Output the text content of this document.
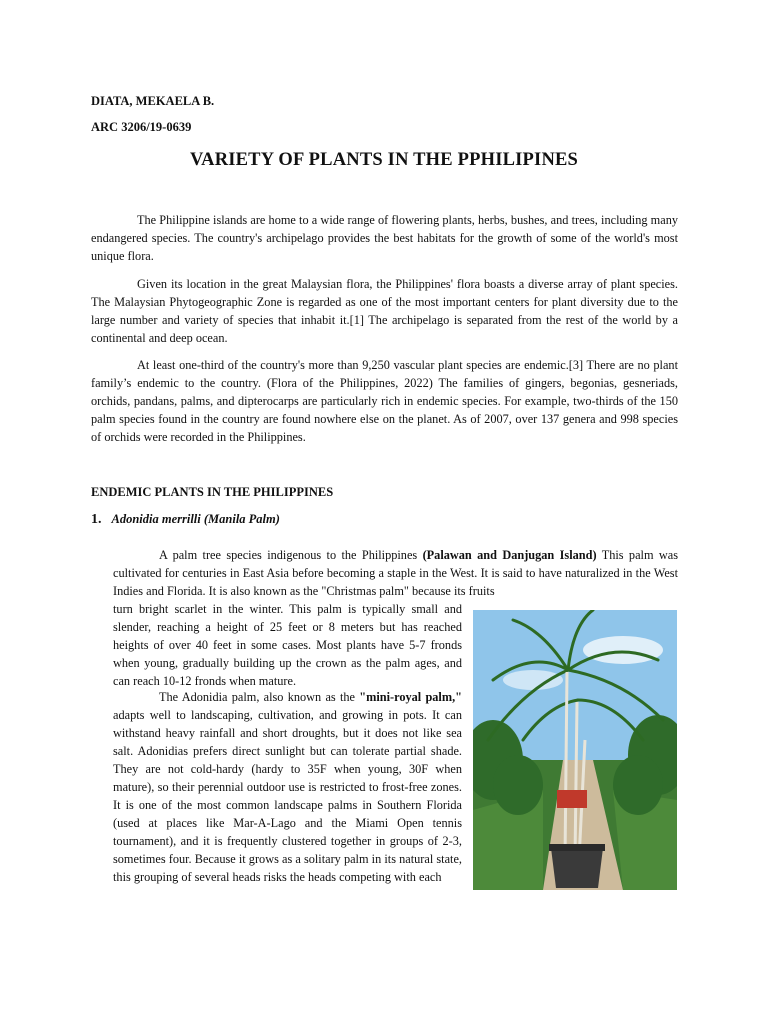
DIATA, MEKAELA B.
ARC 3206/19-0639
VARIETY OF PLANTS IN THE PPHILIPINES

The Philippine islands are home to a wide range of flowering plants, herbs, bushes, and trees, including many endangered species. The country's archipelago provides the best habitats for the growth of some of the world's most unique flora.

Given its location in the great Malaysian flora, the Philippines' flora boasts a diverse array of plant species. The Malaysian Phytogeographic Zone is regarded as one of the most important centers for plant diversity due to the large number and variety of species that inhabit it.[1] The archipelago is separated from the rest of the world by a continental and deep ocean.

At least one-third of the country's more than 9,250 vascular plant species are endemic.[3] There are no plant family’s endemic to the country. (Flora of the Philippines, 2022) The families of gingers, begonias, gesneriads, orchids, pandans, palms, and dipterocarps are particularly rich in endemic species. For example, two-thirds of the 150 palm species found in the country are found nowhere else on the planet. As of 2007, over 137 genera and 998 species of orchids were recorded in the Philippines.

ENDEMIC PLANTS IN THE PHILIPPINES
1. Adonidia merrilli (Manila Palm)

A palm tree species indigenous to the Philippines (Palawan and Danjugan Island) This palm was cultivated for centuries in East Asia before becoming a staple in the West. It is said to have naturalized in the West Indies and Florida. It is also known as the "Christmas palm" because its fruits

turn bright scarlet in the winter. This palm is typically small and slender, reaching a height of 25 feet or 8 meters but has reached heights of over 40 feet in some cases. Most plants have 5-7 fronds when young, gradually building up the crown as the palm ages, and can reach 10-12 fronds when mature.

The Adonidia palm, also known as the "mini-royal palm," adapts well to landscaping, cultivation, and growing in pots. It can withstand heavy rainfall and short droughts, but it does not like sea salt. Adonidias prefers direct sunlight but can tolerate partial shade. They are not cold-hardy (hardy to 35F when young, 30F when mature), so their perennial outdoor use is restricted to frost-free zones. It is one of the most common landscape palms in Southern Florida (used at places like Mar-A-Lago and the Miami Open tennis tournament), and it is frequently clustered together in groups of 2-3, sometimes four. Because it grows as a solitary palm in its natural state, this grouping of several heads risks the heads competing with each
